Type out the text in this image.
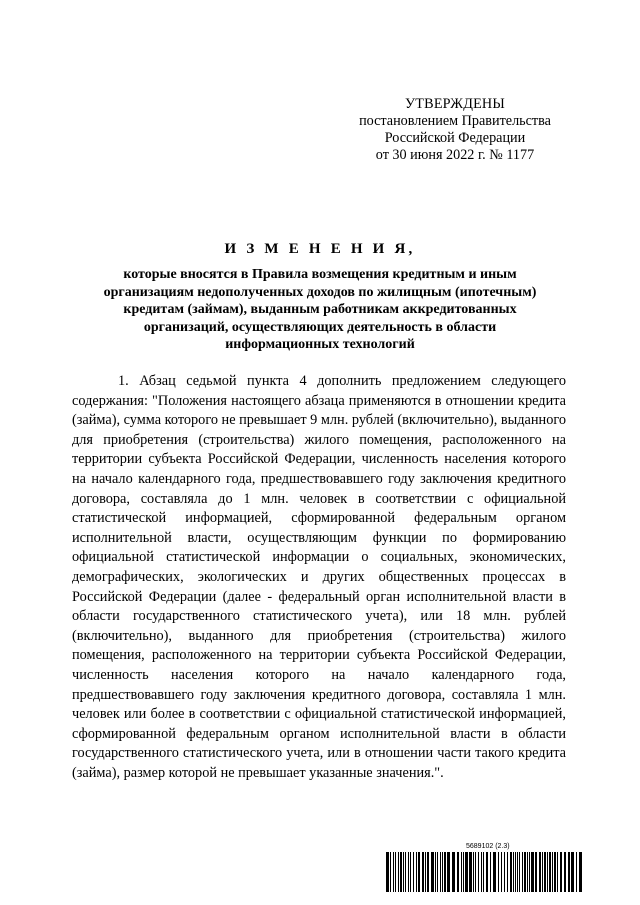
УТВЕРЖДЕНЫ
постановлением Правительства
Российской Федерации
от 30 июня 2022 г. № 1177
И З М Е Н Е Н И Я,
которые вносятся в Правила возмещения кредитным и иным организациям недополученных доходов по жилищным (ипотечным) кредитам (займам), выданным работникам аккредитованных организаций, осуществляющих деятельность в области информационных технологий

1. Абзац седьмой пункта 4 дополнить предложением следующего содержания: "Положения настоящего абзаца применяются в отношении кредита (займа), сумма которого не превышает 9 млн. рублей (включительно), выданного для приобретения (строительства) жилого помещения, расположенного на территории субъекта Российской Федерации, численность населения которого на начало календарного года, предшествовавшего году заключения кредитного договора, составляла до 1 млн. человек в соответствии с официальной статистической информацией, сформированной федеральным органом исполнительной власти, осуществляющим функции по формированию официальной статистической информации о социальных, экономических, демографических, экологических и других общественных процессах в Российской Федерации (далее - федеральный орган исполнительной власти в области государственного статистического учета), или 18 млн. рублей (включительно), выданного для приобретения (строительства) жилого помещения, расположенного на территории субъекта Российской Федерации, численность населения которого на начало календарного года, предшествовавшего году заключения кредитного договора, составляла 1 млн. человек или более в соответствии с официальной статистической информацией, сформированной федеральным органом исполнительной власти в области государственного статистического учета, или в отношении части такого кредита (займа), размер которой не превышает указанные значения.".

5689102 (2.3)
